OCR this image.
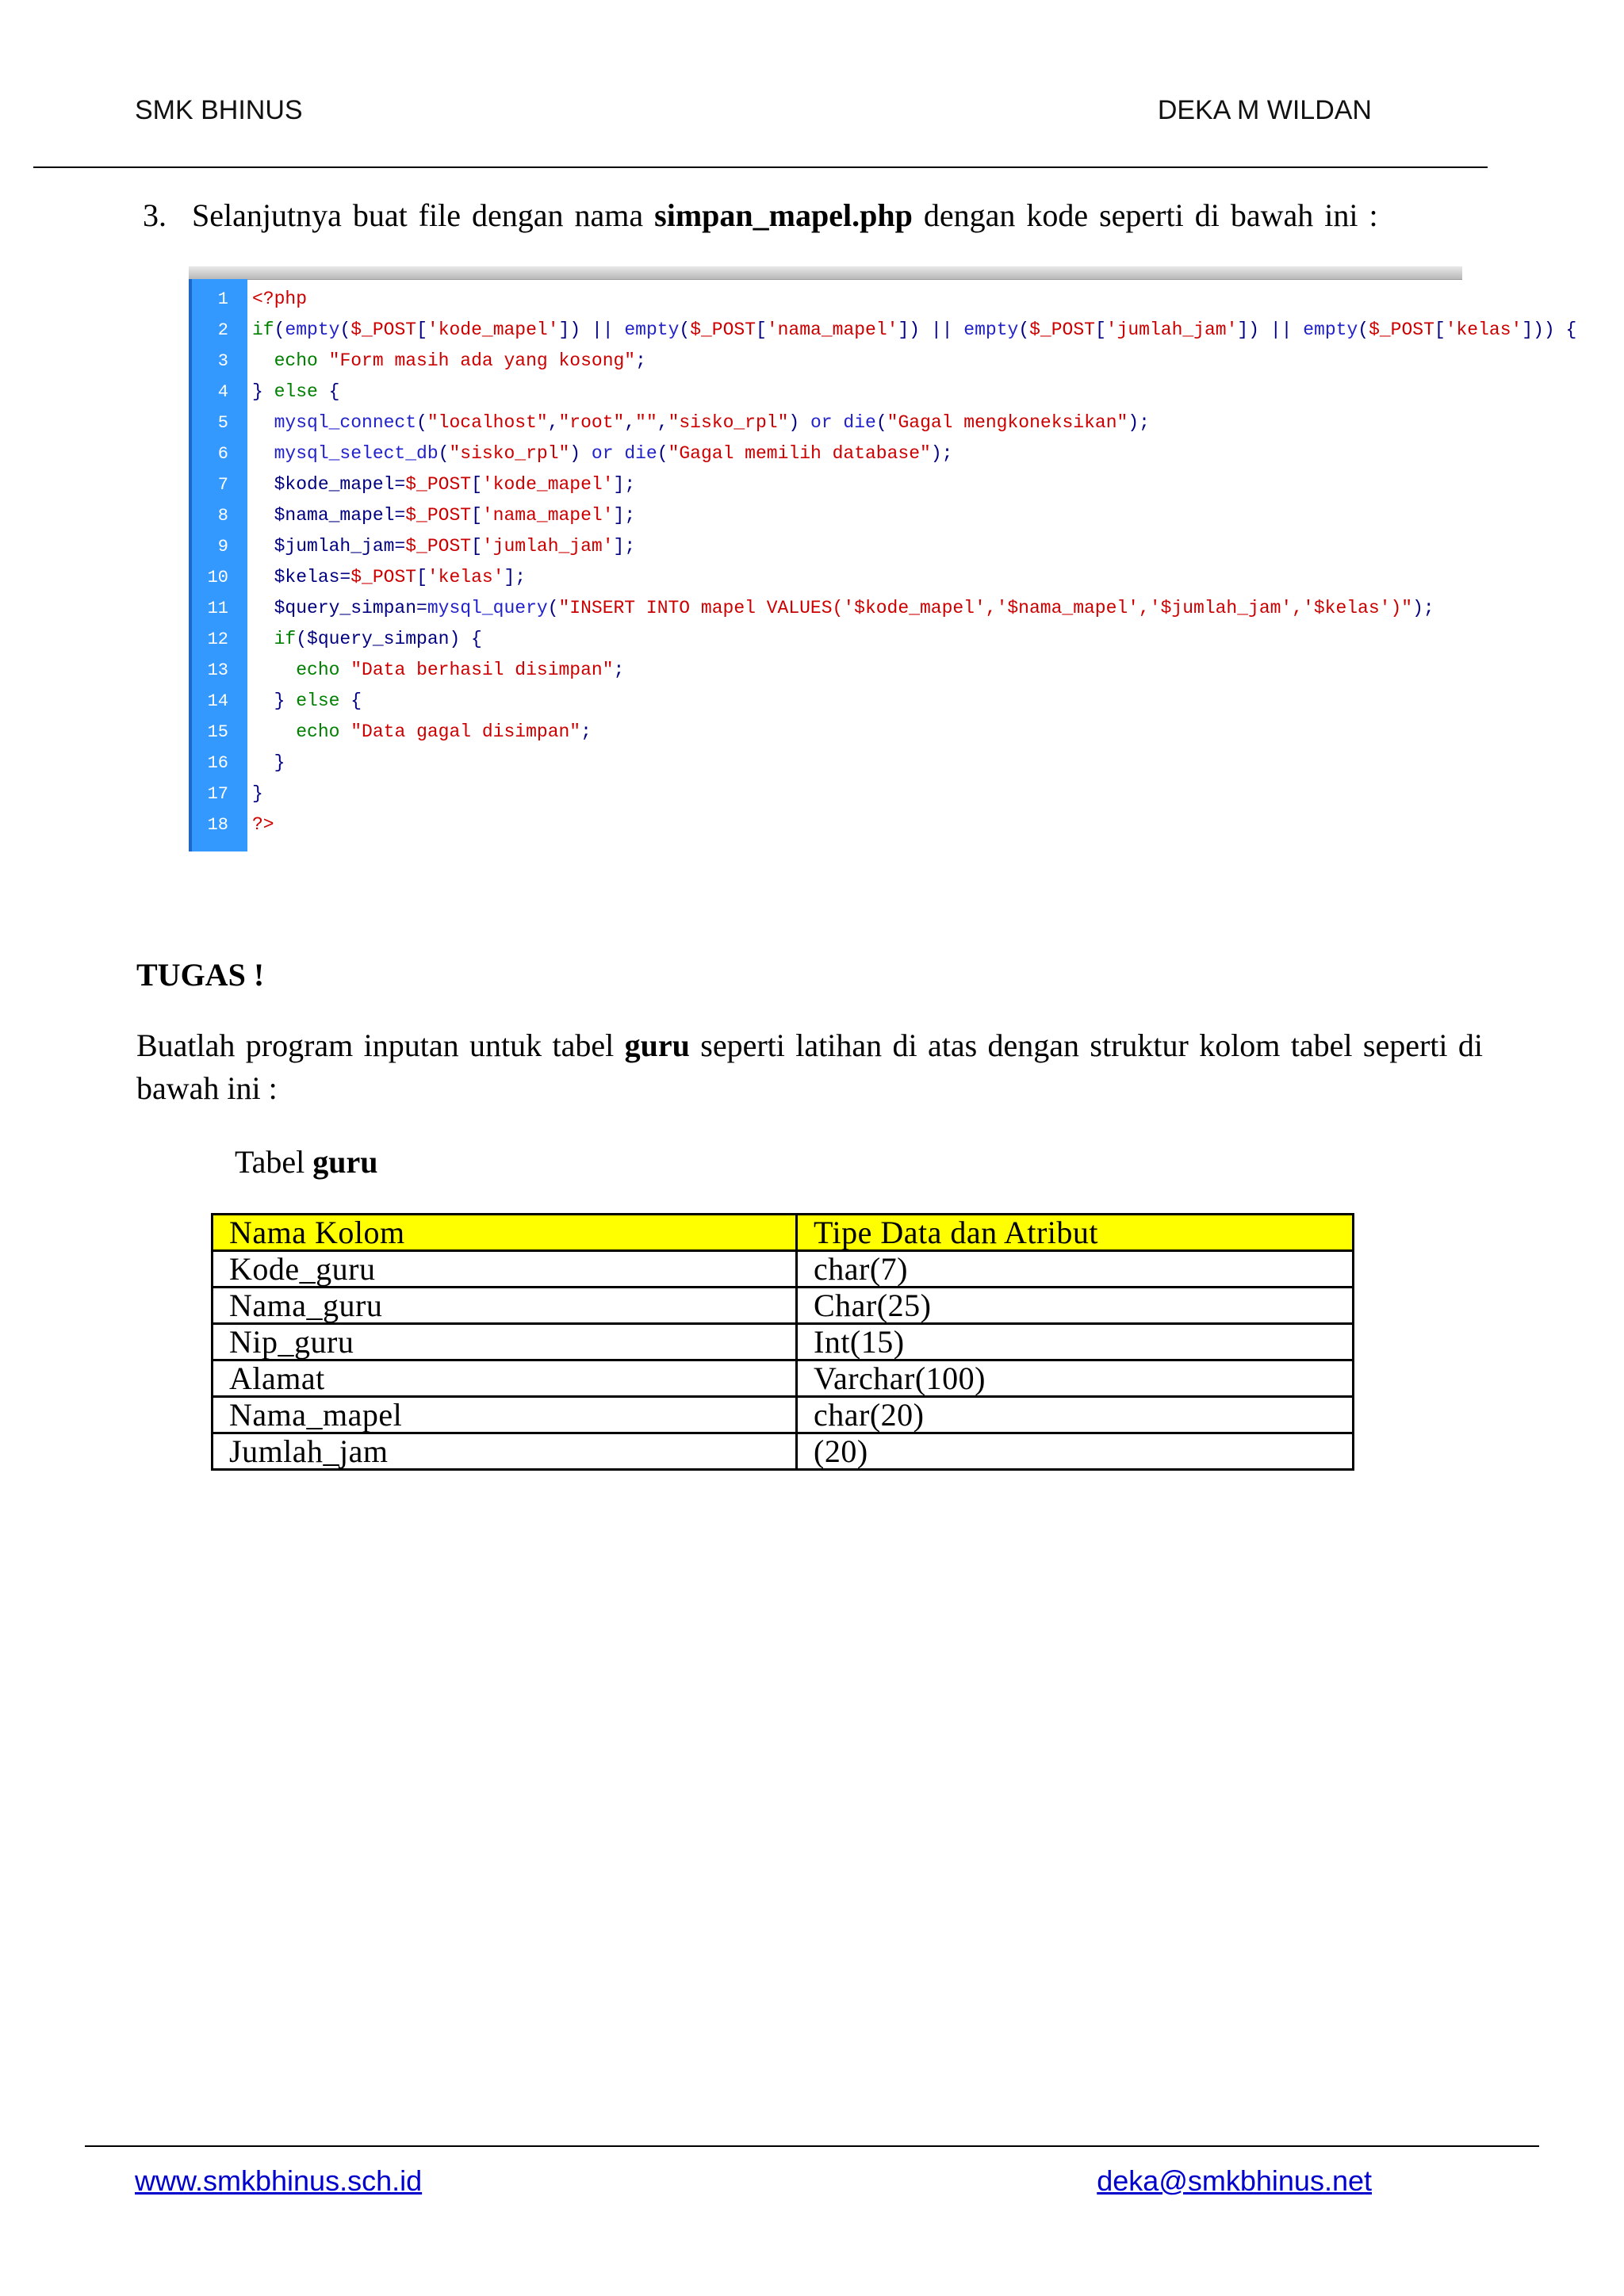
SMK BHINUS	DEKA M WILDAN
3. Selanjutnya buat file dengan nama simpan_mapel.php dengan kode seperti di bawah ini :
1 <?php
2 if(empty($_POST['kode_mapel']) || empty($_POST['nama_mapel']) || empty($_POST['jumlah_jam']) || empty($_POST['kelas'])) {
3	echo "Form masih ada yang kosong";
4 } else {
5	mysql_connect("localhost","root","","sisko_rpl") or die("Gagal mengkoneksikan");
6	mysql_select_db("sisko_rpl") or die("Gagal memilih database");
7 $kode_mapel=$_POST['kode_mapel'];
8 $nama_mapel=$_POST['nama_mapel'];
9 $jumlah_jam=$_POST['jumlah_jam'];
10 $kelas=$_POST['kelas'];
11 $query_simpan=mysql_query("INSERT INTO mapel VALUES('$kode_mapel','$nama_mapel','$jumlah_jam','$kelas')");
12	if($query_simpan) {
13	echo "Data berhasil disimpan";
14 } else {
15	echo "Data gagal disimpan";
16 }
17 }
18 ?>
TUGAS !
Buatlah program inputan untuk tabel guru seperti latihan di atas dengan struktur kolom tabel seperti di bawah ini :
Tabel guru
Nama Kolom	Tipe Data dan Atribut
Kode_guru	char(7)
Nama_guru	Char(25)
Nip_guru	Int(15)
Alamat	Varchar(100)
Nama_mapel	char(20)
Jumlah_jam	(20)
www.smkbhinus.sch.id	deka@smkbhinus.net
